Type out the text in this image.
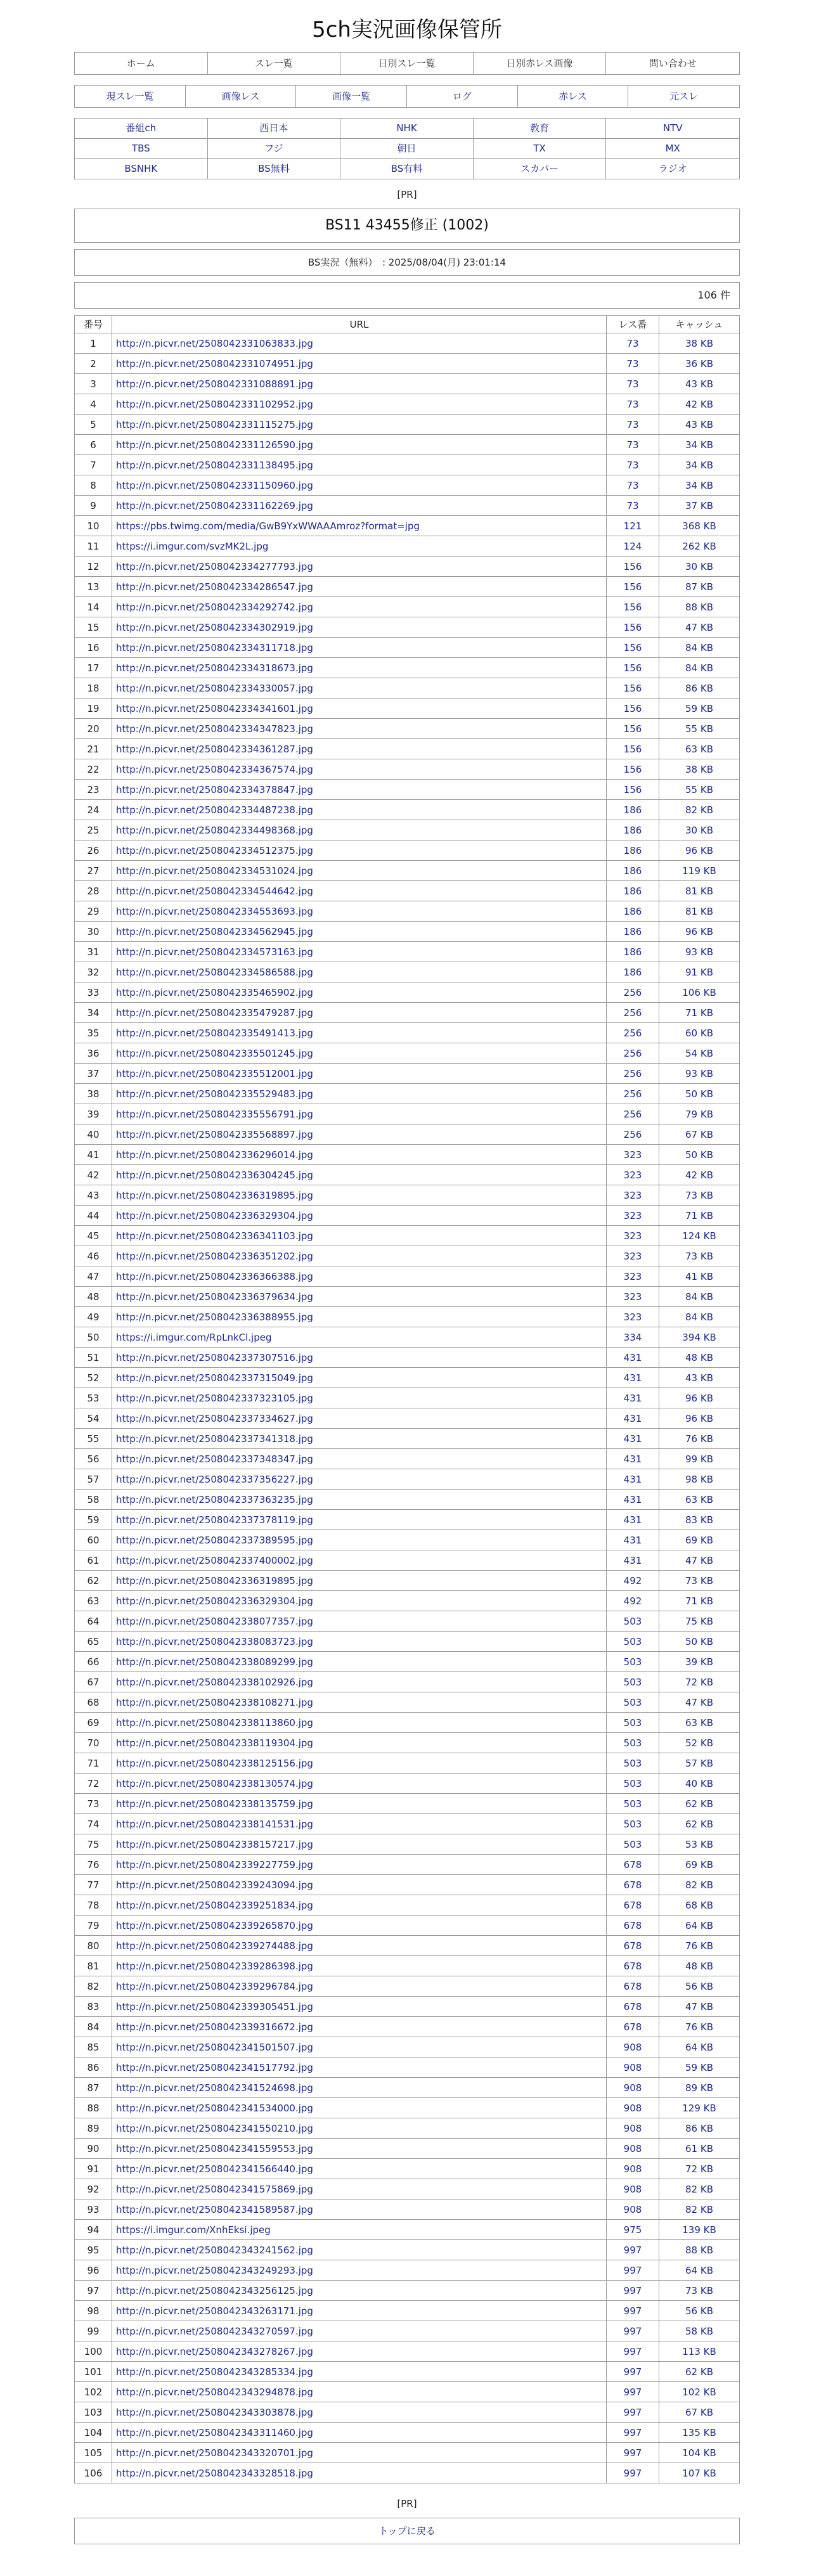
5ch実況画像保管所
ホーム	スレ一覧	日別スレ一覧	日別赤レス画像	問い合わせ
現スレ一覧	画像レス	画像一覧	ログ	赤レス	元スレ
番組ch	西日本	NHK	教育	NTV
TBS	フジ	朝日	TX	MX
BSNHK	BS無料	BS有料	スカパー	ラジオ
[PR]
BS11 43455修正 (1002)
BS実況（無料）　: 2025/08/04(月) 23:01:14
106 件
番号	URL	レス番	キャッシュ
1	http://n.picvr.net/2508042331063833.jpg	73	38 KB
2	http://n.picvr.net/2508042331074951.jpg	73	36 KB
3	http://n.picvr.net/2508042331088891.jpg	73	43 KB
4	http://n.picvr.net/2508042331102952.jpg	73	42 KB
5	http://n.picvr.net/2508042331115275.jpg	73	43 KB
6	http://n.picvr.net/2508042331126590.jpg	73	34 KB
7	http://n.picvr.net/2508042331138495.jpg	73	34 KB
8	http://n.picvr.net/2508042331150960.jpg	73	34 KB
9	http://n.picvr.net/2508042331162269.jpg	73	37 KB
10	https://pbs.twimg.com/media/GwB9YxWWAAAmroz?format=jpg	121	368 KB
11	https://i.imgur.com/svzMK2L.jpg	124	262 KB
12	http://n.picvr.net/2508042334277793.jpg	156	30 KB
13	http://n.picvr.net/2508042334286547.jpg	156	87 KB
14	http://n.picvr.net/2508042334292742.jpg	156	88 KB
15	http://n.picvr.net/2508042334302919.jpg	156	47 KB
16	http://n.picvr.net/2508042334311718.jpg	156	84 KB
17	http://n.picvr.net/2508042334318673.jpg	156	84 KB
18	http://n.picvr.net/2508042334330057.jpg	156	86 KB
19	http://n.picvr.net/2508042334341601.jpg	156	59 KB
20	http://n.picvr.net/2508042334347823.jpg	156	55 KB
21	http://n.picvr.net/2508042334361287.jpg	156	63 KB
22	http://n.picvr.net/2508042334367574.jpg	156	38 KB
23	http://n.picvr.net/2508042334378847.jpg	156	55 KB
24	http://n.picvr.net/2508042334487238.jpg	186	82 KB
25	http://n.picvr.net/2508042334498368.jpg	186	30 KB
26	http://n.picvr.net/2508042334512375.jpg	186	96 KB
27	http://n.picvr.net/2508042334531024.jpg	186	119 KB
28	http://n.picvr.net/2508042334544642.jpg	186	81 KB
29	http://n.picvr.net/2508042334553693.jpg	186	81 KB
30	http://n.picvr.net/2508042334562945.jpg	186	96 KB
31	http://n.picvr.net/2508042334573163.jpg	186	93 KB
32	http://n.picvr.net/2508042334586588.jpg	186	91 KB
33	http://n.picvr.net/2508042335465902.jpg	256	106 KB
34	http://n.picvr.net/2508042335479287.jpg	256	71 KB
35	http://n.picvr.net/2508042335491413.jpg	256	60 KB
36	http://n.picvr.net/2508042335501245.jpg	256	54 KB
37	http://n.picvr.net/2508042335512001.jpg	256	93 KB
38	http://n.picvr.net/2508042335529483.jpg	256	50 KB
39	http://n.picvr.net/2508042335556791.jpg	256	79 KB
40	http://n.picvr.net/2508042335568897.jpg	256	67 KB
41	http://n.picvr.net/2508042336296014.jpg	323	50 KB
42	http://n.picvr.net/2508042336304245.jpg	323	42 KB
43	http://n.picvr.net/2508042336319895.jpg	323	73 KB
44	http://n.picvr.net/2508042336329304.jpg	323	71 KB
45	http://n.picvr.net/2508042336341103.jpg	323	124 KB
46	http://n.picvr.net/2508042336351202.jpg	323	73 KB
47	http://n.picvr.net/2508042336366388.jpg	323	41 KB
48	http://n.picvr.net/2508042336379634.jpg	323	84 KB
49	http://n.picvr.net/2508042336388955.jpg	323	84 KB
50	https://i.imgur.com/RpLnkCl.jpeg	334	394 KB
51	http://n.picvr.net/2508042337307516.jpg	431	48 KB
52	http://n.picvr.net/2508042337315049.jpg	431	43 KB
53	http://n.picvr.net/2508042337323105.jpg	431	96 KB
54	http://n.picvr.net/2508042337334627.jpg	431	96 KB
55	http://n.picvr.net/2508042337341318.jpg	431	76 KB
56	http://n.picvr.net/2508042337348347.jpg	431	99 KB
57	http://n.picvr.net/2508042337356227.jpg	431	98 KB
58	http://n.picvr.net/2508042337363235.jpg	431	63 KB
59	http://n.picvr.net/2508042337378119.jpg	431	83 KB
60	http://n.picvr.net/2508042337389595.jpg	431	69 KB
61	http://n.picvr.net/2508042337400002.jpg	431	47 KB
62	http://n.picvr.net/2508042336319895.jpg	492	73 KB
63	http://n.picvr.net/2508042336329304.jpg	492	71 KB
64	http://n.picvr.net/2508042338077357.jpg	503	75 KB
65	http://n.picvr.net/2508042338083723.jpg	503	50 KB
66	http://n.picvr.net/2508042338089299.jpg	503	39 KB
67	http://n.picvr.net/2508042338102926.jpg	503	72 KB
68	http://n.picvr.net/2508042338108271.jpg	503	47 KB
69	http://n.picvr.net/2508042338113860.jpg	503	63 KB
70	http://n.picvr.net/2508042338119304.jpg	503	52 KB
71	http://n.picvr.net/2508042338125156.jpg	503	57 KB
72	http://n.picvr.net/2508042338130574.jpg	503	40 KB
73	http://n.picvr.net/2508042338135759.jpg	503	62 KB
74	http://n.picvr.net/2508042338141531.jpg	503	62 KB
75	http://n.picvr.net/2508042338157217.jpg	503	53 KB
76	http://n.picvr.net/2508042339227759.jpg	678	69 KB
77	http://n.picvr.net/2508042339243094.jpg	678	82 KB
78	http://n.picvr.net/2508042339251834.jpg	678	68 KB
79	http://n.picvr.net/2508042339265870.jpg	678	64 KB
80	http://n.picvr.net/2508042339274488.jpg	678	76 KB
81	http://n.picvr.net/2508042339286398.jpg	678	48 KB
82	http://n.picvr.net/2508042339296784.jpg	678	56 KB
83	http://n.picvr.net/2508042339305451.jpg	678	47 KB
84	http://n.picvr.net/2508042339316672.jpg	678	76 KB
85	http://n.picvr.net/2508042341501507.jpg	908	64 KB
86	http://n.picvr.net/2508042341517792.jpg	908	59 KB
87	http://n.picvr.net/2508042341524698.jpg	908	89 KB
88	http://n.picvr.net/2508042341534000.jpg	908	129 KB
89	http://n.picvr.net/2508042341550210.jpg	908	86 KB
90	http://n.picvr.net/2508042341559553.jpg	908	61 KB
91	http://n.picvr.net/2508042341566440.jpg	908	72 KB
92	http://n.picvr.net/2508042341575869.jpg	908	82 KB
93	http://n.picvr.net/2508042341589587.jpg	908	82 KB
94	https://i.imgur.com/XnhEksi.jpeg	975	139 KB
95	http://n.picvr.net/2508042343241562.jpg	997	88 KB
96	http://n.picvr.net/2508042343249293.jpg	997	64 KB
97	http://n.picvr.net/2508042343256125.jpg	997	73 KB
98	http://n.picvr.net/2508042343263171.jpg	997	56 KB
99	http://n.picvr.net/2508042343270597.jpg	997	58 KB
100	http://n.picvr.net/2508042343278267.jpg	997	113 KB
101	http://n.picvr.net/2508042343285334.jpg	997	62 KB
102	http://n.picvr.net/2508042343294878.jpg	997	102 KB
103	http://n.picvr.net/2508042343303878.jpg	997	67 KB
104	http://n.picvr.net/2508042343311460.jpg	997	135 KB
105	http://n.picvr.net/2508042343320701.jpg	997	104 KB
106	http://n.picvr.net/2508042343328518.jpg	997	107 KB
[PR]
トップに戻る
